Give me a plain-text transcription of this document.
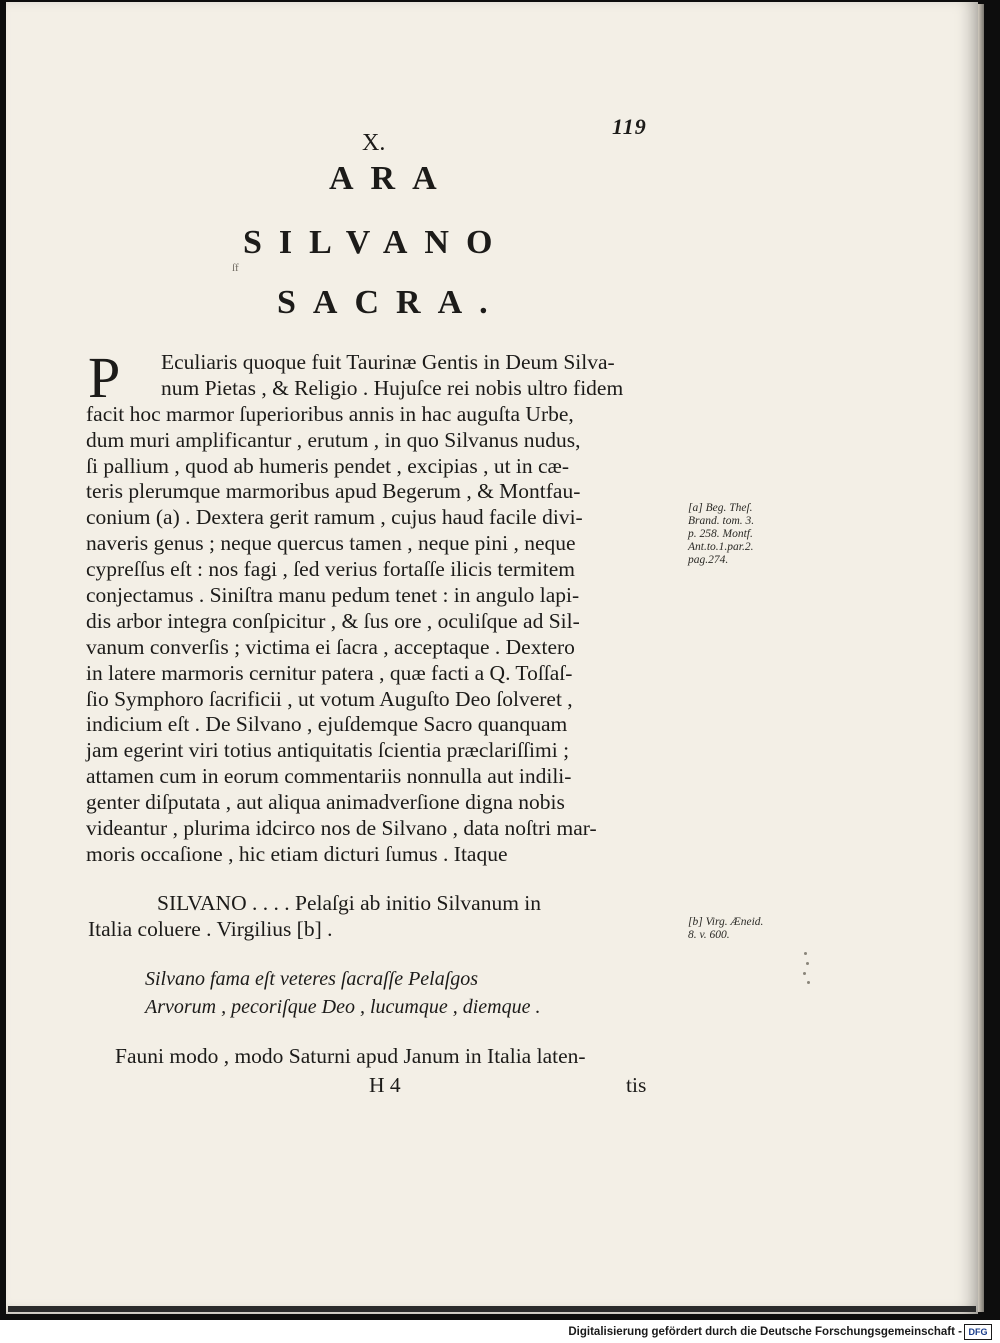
119
X.
ARA
SILVANO
ſf
SACRA.
P	Eculiaris quoque fuit Taurinæ Gentis in Deum Silva-
num Pietas , & Religio . Hujuſce rei nobis ultro fidem
facit hoc marmor ſuperioribus annis in hac auguſta Urbe,
dum muri amplificantur , erutum , in quo Silvanus nudus,
ſi pallium , quod ab humeris pendet , excipias , ut in cæ-
teris plerumque marmoribus apud Begerum , & Montfau-
conium (a) . Dextera gerit ramum , cujus haud facile divi-
naveris genus ; neque quercus tamen , neque pini , neque
cypreſſus eſt : nos fagi , ſed verius fortaſſe ilicis termitem
conjectamus . Siniſtra manu pedum tenet : in angulo lapi-
dis arbor integra conſpicitur , & ſus ore , oculiſque ad Sil-
vanum converſis ; victima ei ſacra , acceptaque . Dextero
in latere marmoris cernitur patera , quæ facti a Q. Toſſaſ-
ſio Symphoro ſacrificii , ut votum Auguſto Deo ſolveret ,
indicium eſt . De Silvano , ejuſdemque Sacro quanquam
jam egerint viri totius antiquitatis ſcientia præclariſſimi ;
attamen cum in eorum commentariis nonnulla aut indili-
genter diſputata , aut aliqua animadverſione digna nobis
videantur , plurima idcirco nos de Silvano , data noſtri mar-
moris occaſione , hic etiam dicturi ſumus . Itaque
[a] Beg. Theſ.
Brand. tom. 3.
p. 258. Montf.
Ant.to.1.par.2.
pag.274.
SILVANO . . . . Pelaſgi ab initio Silvanum in
Italia coluere . Virgilius [b] .	[b] Virg. Æneid.
8. v. 600.
Silvano fama eſt veteres ſacraſſe Pelaſgos
Arvorum , pecoriſque Deo , lucumque , diemque .
Fauni modo , modo Saturni apud Janum in Italia laten-
H 4	tis
Digitalisierung gefördert durch die Deutsche Forschungsgemeinschaft - DFG
